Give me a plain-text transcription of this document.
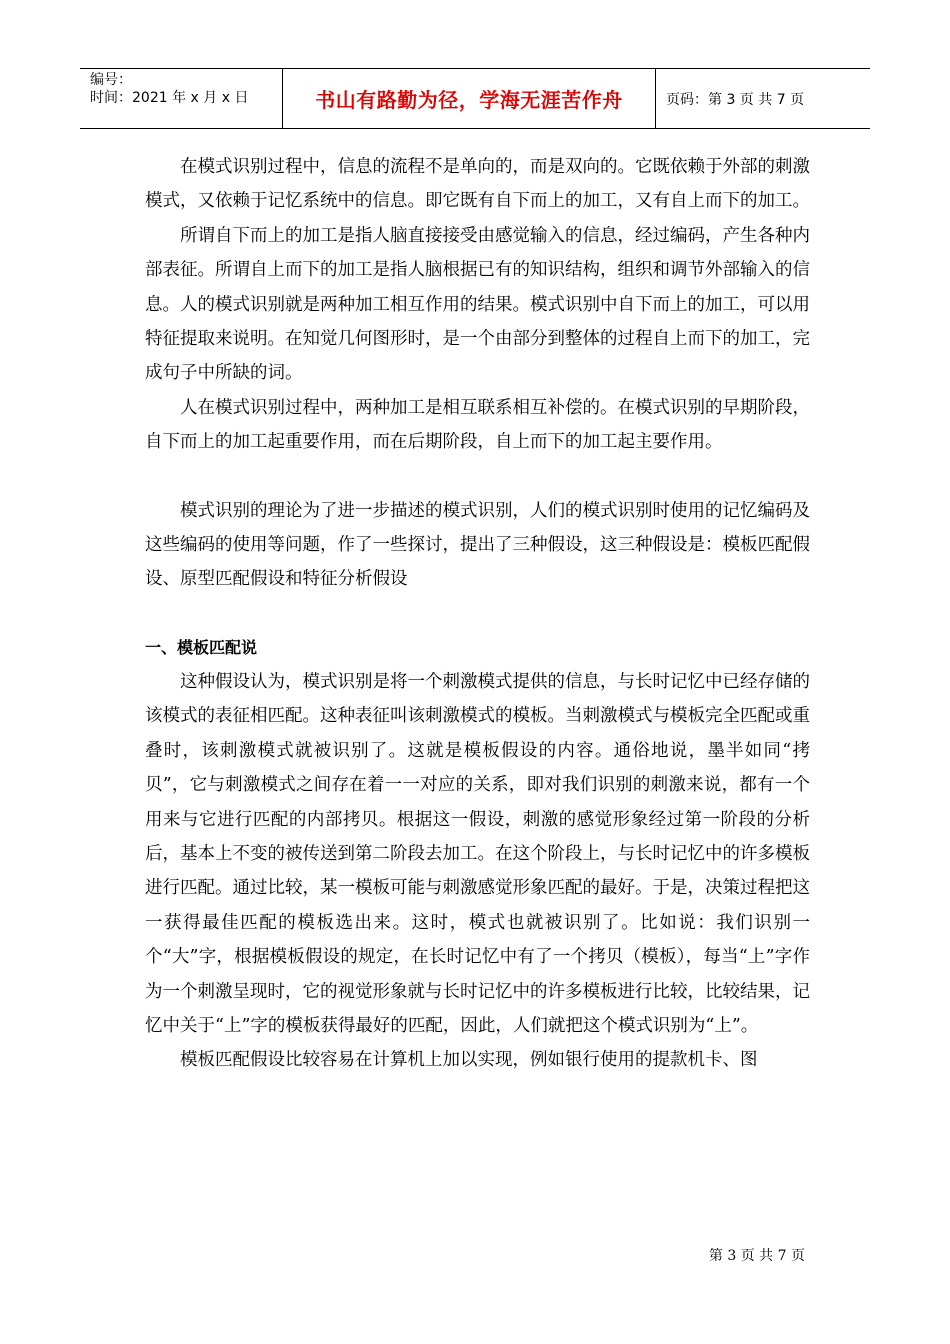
编号：
时间：2021 年 x 月 x 日	书山有路勤为径，学海无涯苦作舟	页码：第 3 页 共 7 页

在模式识别过程中，信息的流程不是单向的，而是双向的。它既依赖于外部的刺激模式，又依赖于记忆系统中的信息。即它既有自下而上的加工，又有自上而下的加工。

所谓自下而上的加工是指人脑直接接受由感觉输入的信息，经过编码，产生各种内部表征。所谓自上而下的加工是指人脑根据已有的知识结构，组织和调节外部输入的信息。人的模式识别就是两种加工相互作用的结果。模式识别中自下而上的加工，可以用特征提取来说明。在知觉几何图形时，是一个由部分到整体的过程自上而下的加工，完成句子中所缺的词。

人在模式识别过程中，两种加工是相互联系相互补偿的。在模式识别的早期阶段，自下而上的加工起重要作用，而在后期阶段，自上而下的加工起主要作用。

模式识别的理论为了进一步描述的模式识别，人们的模式识别时使用的记忆编码及这些编码的使用等问题，作了一些探讨，提出了三种假设，这三种假设是：模板匹配假设、原型匹配假设和特征分析假设

一、模板匹配说

这种假设认为，模式识别是将一个刺激模式提供的信息，与长时记忆中已经存储的该模式的表征相匹配。这种表征叫该刺激模式的模板。当刺激模式与模板完全匹配或重叠时，该刺激模式就被识别了。这就是模板假设的内容。通俗地说，墨半如同“拷贝”，它与刺激模式之间存在着一一对应的关系，即对我们识别的刺激来说，都有一个用来与它进行匹配的内部拷贝。根据这一假设，刺激的感觉形象经过第一阶段的分析后，基本上不变的被传送到第二阶段去加工。在这个阶段上，与长时记忆中的许多模板进行匹配。通过比较，某一模板可能与刺激感觉形象匹配的最好。于是，决策过程把这一获得最佳匹配的模板选出来。这时，模式也就被识别了。比如说：我们识别一个“大”字，根据模板假设的规定，在长时记忆中有了一个拷贝（模板），每当“上”字作为一个刺激呈现时，它的视觉形象就与长时记忆中的许多模板进行比较，比较结果，记忆中关于“上”字的模板获得最好的匹配，因此，人们就把这个模式识别为“上”。

模板匹配假设比较容易在计算机上加以实现，例如银行使用的提款机卡、图

第 3 页 共 7 页
